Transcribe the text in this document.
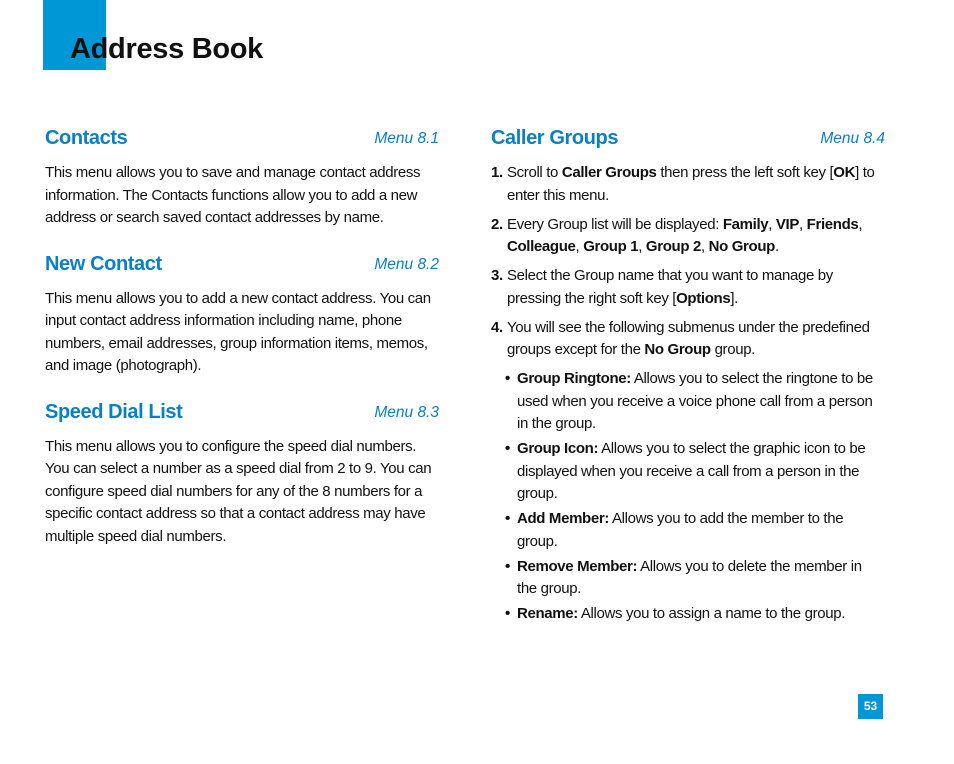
Address Book
Contacts	Menu 8.1

This menu allows you to save and manage contact address information. The Contacts functions allow you to add a new address or search saved contact addresses by name.

New Contact	Menu 8.2

This menu allows you to add a new contact address. You can input contact address information including name, phone numbers, email addresses, group information items, memos, and image (photograph).

Speed Dial List	Menu 8.3

This menu allows you to configure the speed dial numbers. You can select a number as a speed dial from 2 to 9. You can configure speed dial numbers for any of the 8 numbers for a specific contact address so that a contact address may have multiple speed dial numbers.

Caller Groups	Menu 8.4
1. Scroll to Caller Groups then press the left soft key [OK] to enter this menu.
2. Every Group list will be displayed: Family, VIP, Friends, Colleague, Group 1, Group 2, No Group.
3. Select the Group name that you want to manage by pressing the right soft key [Options].
4. You will see the following submenus under the predefined groups except for the No Group group.
• Group Ringtone: Allows you to select the ringtone to be used when you receive a voice phone call from a person in the group.
• Group Icon: Allows you to select the graphic icon to be displayed when you receive a call from a person in the group.
• Add Member: Allows you to add the member to the group.
• Remove Member: Allows you to delete the member in the group.
• Rename: Allows you to assign a name to the group.
53
